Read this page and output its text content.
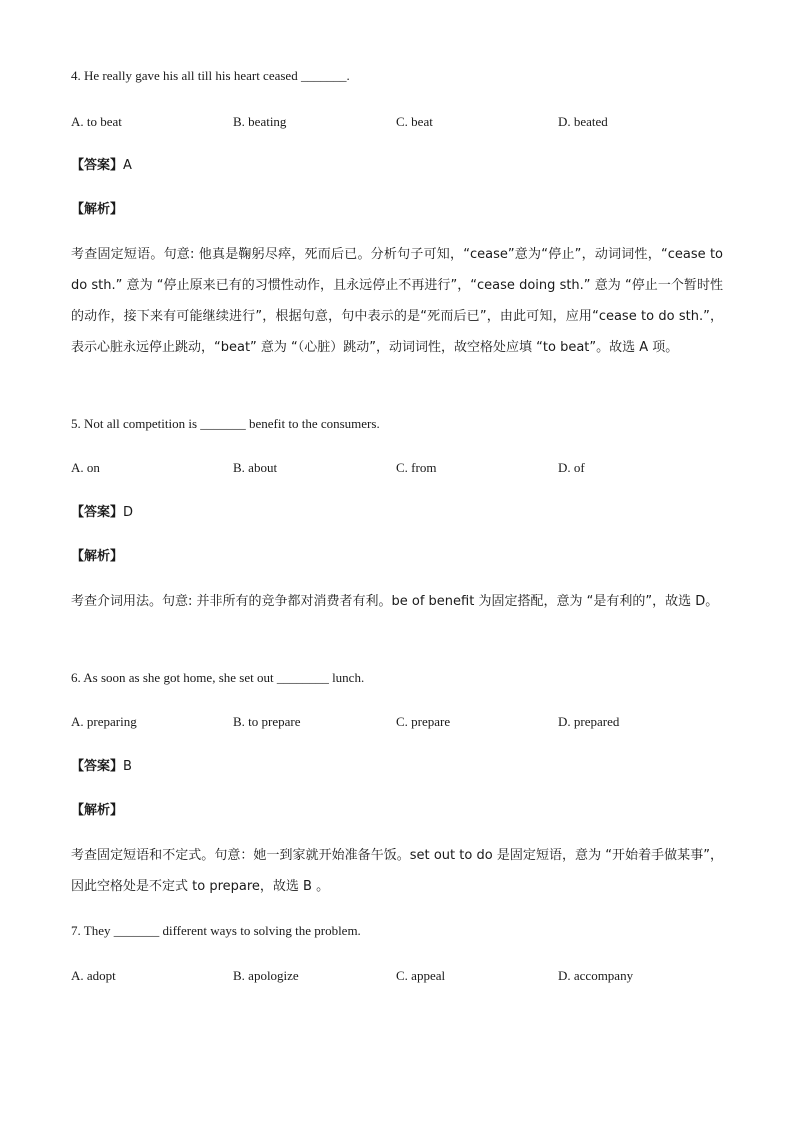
4. He really gave his all till his heart ceased _______.
A. to beat	B. beating	C. beat	D. beated
【答案】A
【解析】
考查固定短语。句意: 他真是鞠躬尽瘁，死而后已。分析句子可知，“cease”意为“停止”，动词词性，“cease to do sth.” 意为 “停止原来已有的习惯性动作，且永远停止不再进行”，“cease doing sth.” 意为 “停止一个暂时性的动作，接下来有可能继续进行”，根据句意，句中表示的是“死而后已”，由此可知，应用“cease to do sth.”，表示心脏永远停止跳动，“beat” 意为 “（心脏）跳动”，动词词性，故空格处应填 “to beat”。故选 A 项。
5. Not all competition is _______ benefit to the consumers.
A. on	B. about	C. from	D. of
【答案】D
【解析】
考查介词用法。句意: 并非所有的竞争都对消费者有利。be of benefit 为固定搭配，意为 “是有利的”，故选 D。
6. As soon as she got home, she set out ________ lunch.
A. preparing	B. to prepare	C. prepare	D. prepared
【答案】B
【解析】
考查固定短语和不定式。句意：她一到家就开始准备午饭。set out to do 是固定短语，意为 “开始着手做某事”，因此空格处是不定式 to prepare，故选 B 。
7. They _______ different ways to solving the problem.
A. adopt	B. apologize	C. appeal	D. accompany
